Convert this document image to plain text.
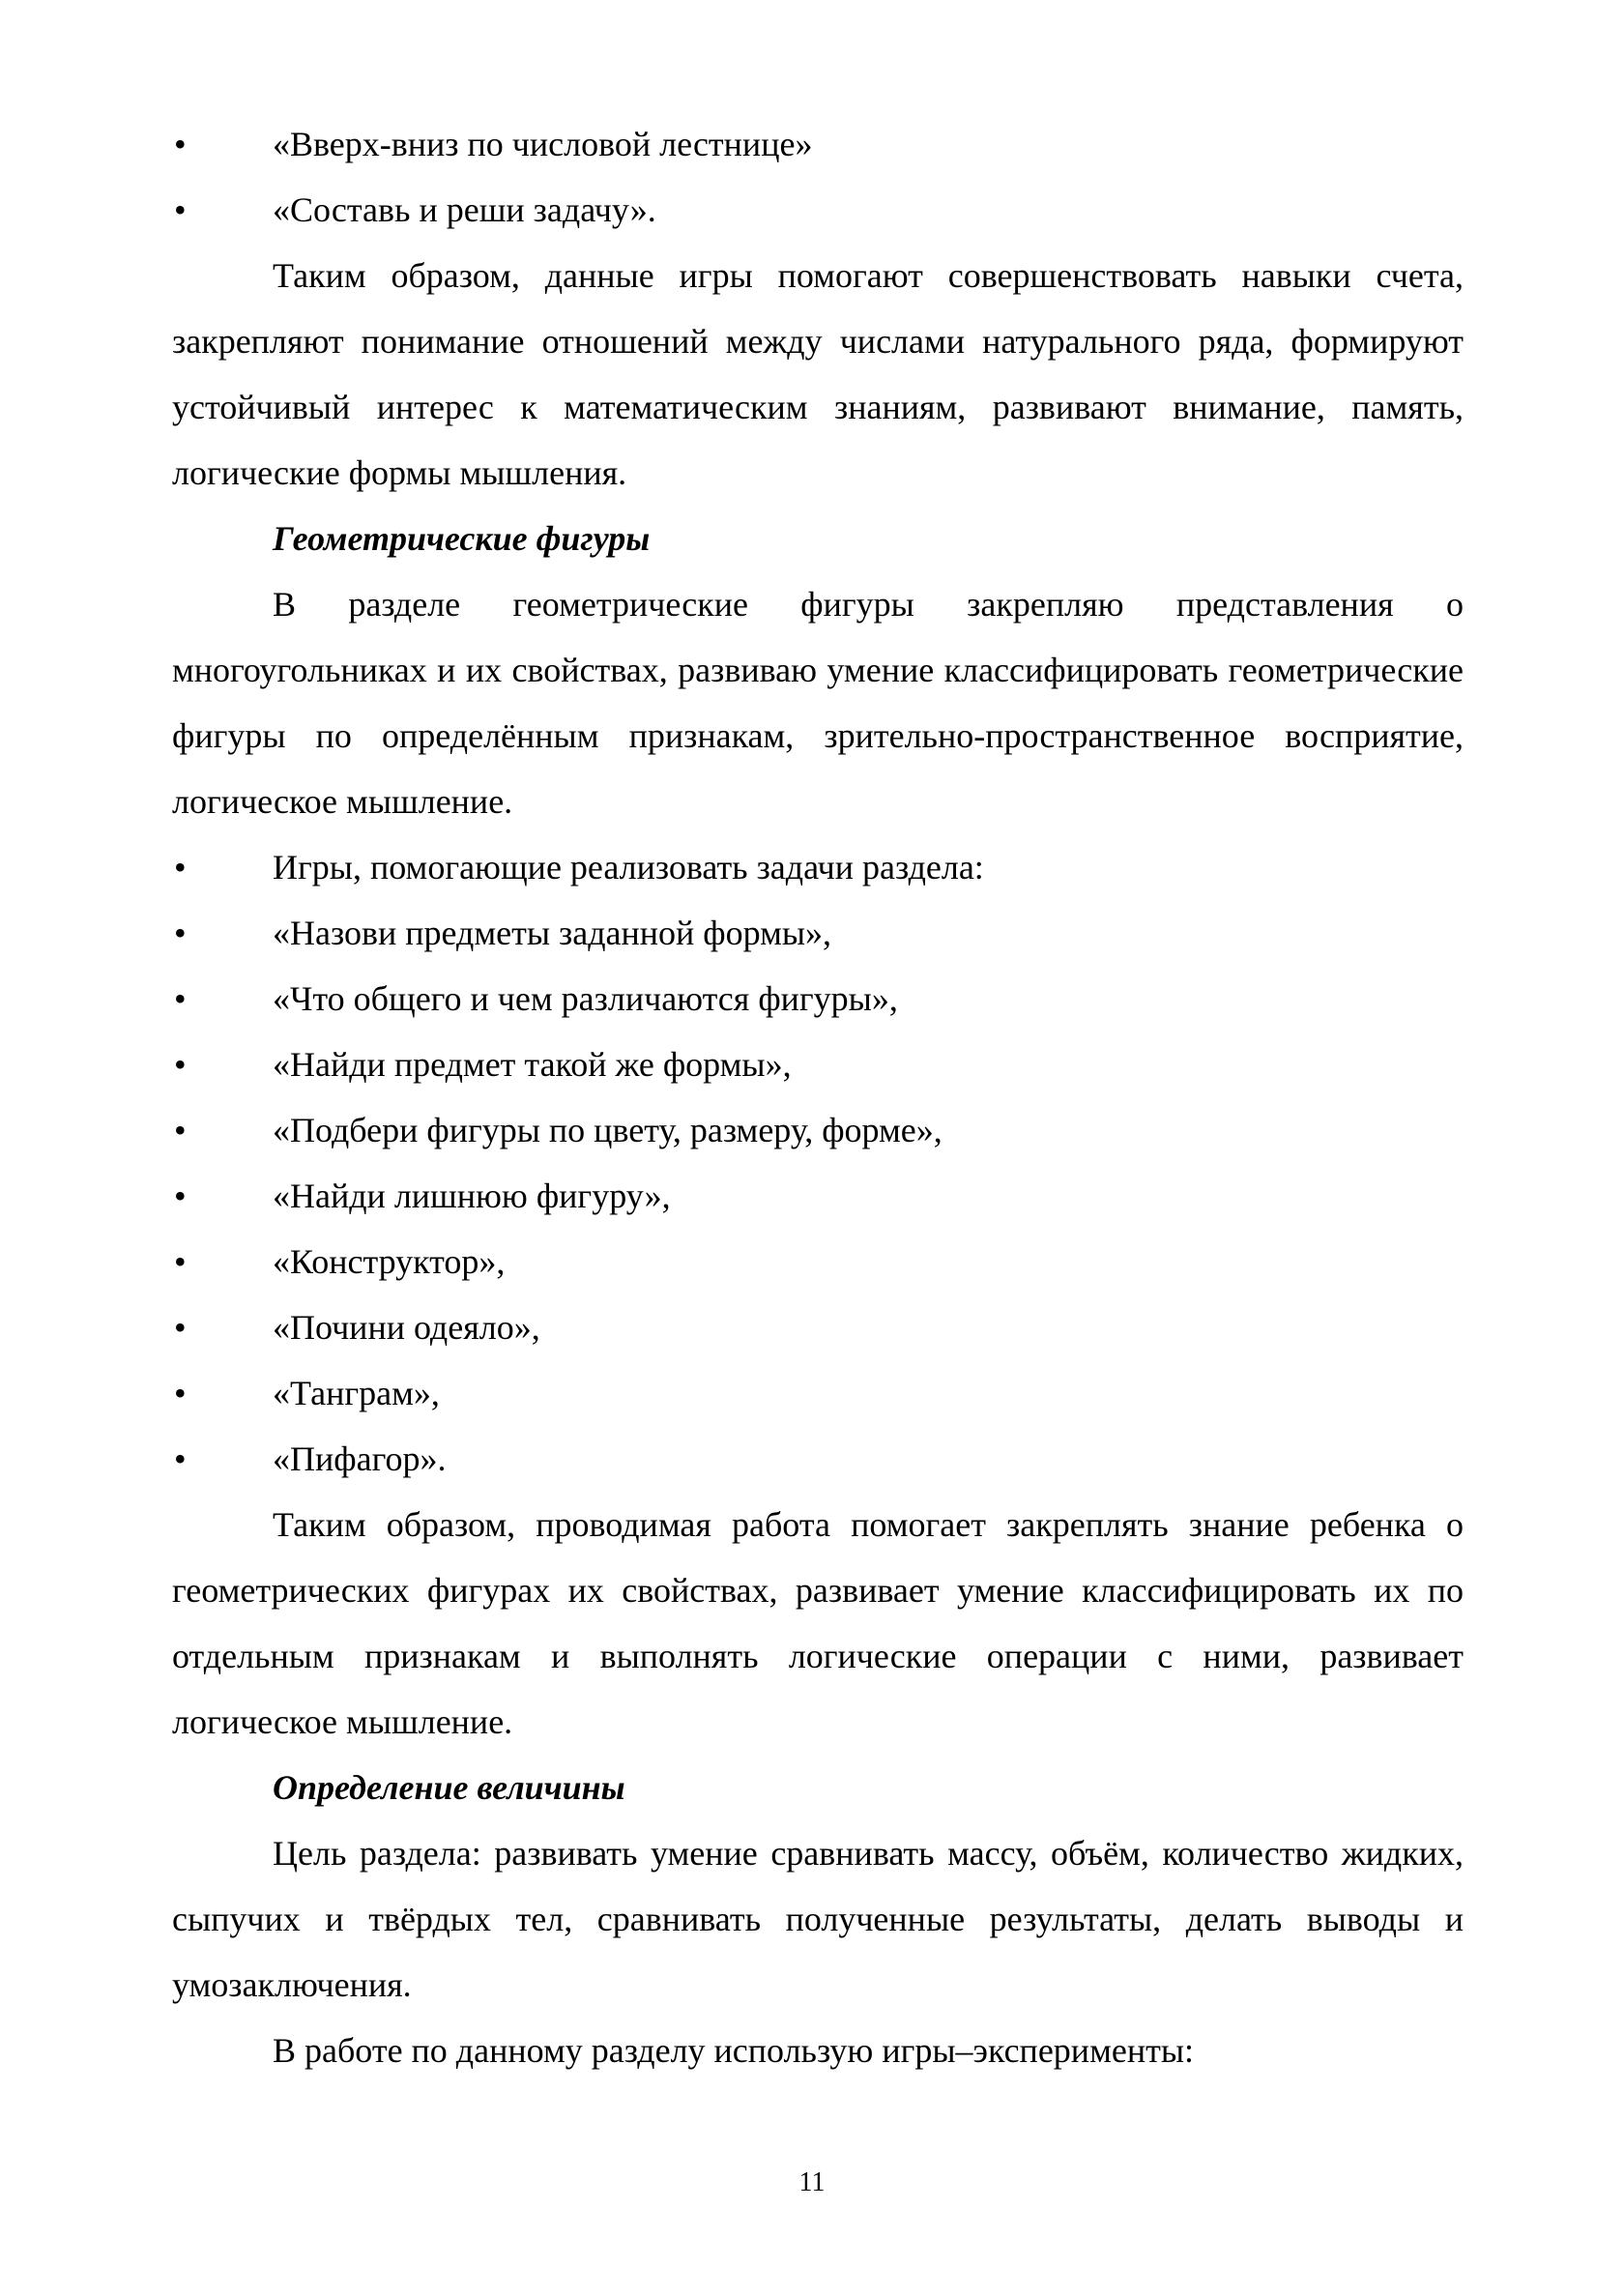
• «Вверх-вниз по числовой лестнице»
• «Составь и реши задачу».

Таким образом, данные игры помогают совершенствовать навыки счета, закрепляют понимание отношений между числами натурального ряда, формируют устойчивый интерес к математическим знаниям, развивают внимание, память, логические формы мышления.

Геометрические фигуры

В разделе геометрические фигуры закрепляю представления о многоугольниках и их свойствах, развиваю умение классифицировать геометрические фигуры по определённым признакам, зрительно-пространственное восприятие, логическое мышление.

• Игры, помогающие реализовать задачи раздела:
• «Назови предметы заданной формы»,
• «Что общего и чем различаются фигуры»,
• «Найди предмет такой же формы»,
• «Подбери фигуры по цвету, размеру, форме»,
• «Найди лишнюю фигуру»,
• «Конструктор»,
• «Почини одеяло»,
• «Танграм»,
• «Пифагор».

Таким образом, проводимая работа помогает закреплять знание ребенка о геометрических фигурах их свойствах, развивает умение классифицировать их по отдельным признакам и выполнять логические операции с ними, развивает логическое мышление.

Определение величины

Цель раздела: развивать умение сравнивать массу, объём, количество жидких, сыпучих и твёрдых тел, сравнивать полученные результаты, делать выводы и умозаключения.

В работе по данному разделу использую игры–эксперименты:

11
